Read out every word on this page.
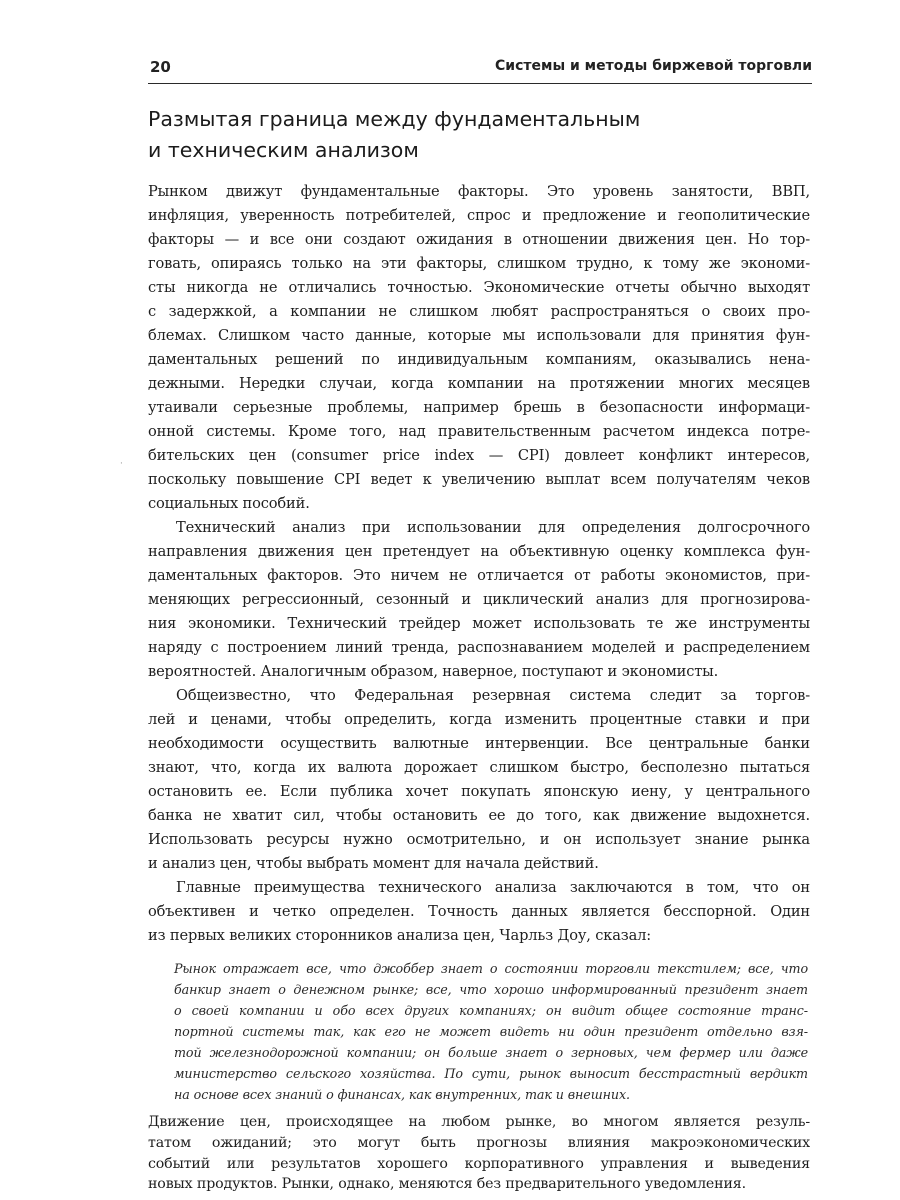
20	Системы и методы биржевой торговли
Размытая граница между фундаментальным
и техническим анализом
·
Рынком движут фундаментальные факторы. Это уровень занятости, ВВП,
инфляция, уверенность потребителей, спрос и предложение и геополитические
факторы — и все они создают ожидания в отношении движения цен. Но тор-
говать, опираясь только на эти факторы, слишком трудно, к тому же экономи-
сты никогда не отличались точностью. Экономические отчеты обычно выходят
с задержкой, а компании не слишком любят распространяться о своих про-
блемах. Слишком часто данные, которые мы использовали для принятия фун-
даментальных решений по индивидуальным компаниям, оказывались нена-
дежными. Нередки случаи, когда компании на протяжении многих месяцев
утаивали серьезные проблемы, например брешь в безопасности информаци-
онной системы. Кроме того, над правительственным расчетом индекса потре-
бительских цен (consumer price index — CPI) довлеет конфликт интересов,
поскольку повышение CPI ведет к увеличению выплат всем получателям чеков
социальных пособий.
Технический анализ при использовании для определения долгосрочного
направления движения цен претендует на объективную оценку комплекса фун-
даментальных факторов. Это ничем не отличается от работы экономистов, при-
меняющих регрессионный, сезонный и циклический анализ для прогнозирова-
ния экономики. Технический трейдер может использовать те же инструменты
наряду с построением линий тренда, распознаванием моделей и распределением
вероятностей. Аналогичным образом, наверное, поступают и экономисты.
Общеизвестно, что Федеральная резервная система следит за торгов-
лей и ценами, чтобы определить, когда изменить процентные ставки и при
необходимости осуществить валютные интервенции. Все центральные банки
знают, что, когда их валюта дорожает слишком быстро, бесполезно пытаться
остановить ее. Если публика хочет покупать японскую иену, у центрального
банка не хватит сил, чтобы остановить ее до того, как движение выдохнется.
Использовать ресурсы нужно осмотрительно, и он использует знание рынка
и анализ цен, чтобы выбрать момент для начала действий.
Главные преимущества технического анализа заключаются в том, что он
объективен и четко определен. Точность данных является бесспорной. Один
из первых великих сторонников анализа цен, Чарльз Доу, сказал:
Рынок отражает все, что джоббер знает о состоянии торговли текстилем; все, что
банкир знает о денежном рынке; все, что хорошо информированный президент знает
о своей компании и обо всех других компаниях; он видит общее состояние транс-
портной системы так, как его не может видеть ни один президент отдельно взя-
той железнодорожной компании; он больше знает о зерновых, чем фермер или даже
министерство сельского хозяйства. По сути, рынок выносит бесстрастный вердикт
на основе всех знаний о финансах, как внутренних, так и внешних.
Движение цен, происходящее на любом рынке, во многом является резуль-
татом ожиданий; это могут быть прогнозы влияния макроэкономических
событий или результатов хорошего корпоративного управления и выведения
новых продуктов. Рынки, однако, меняются без предварительного уведомления.
